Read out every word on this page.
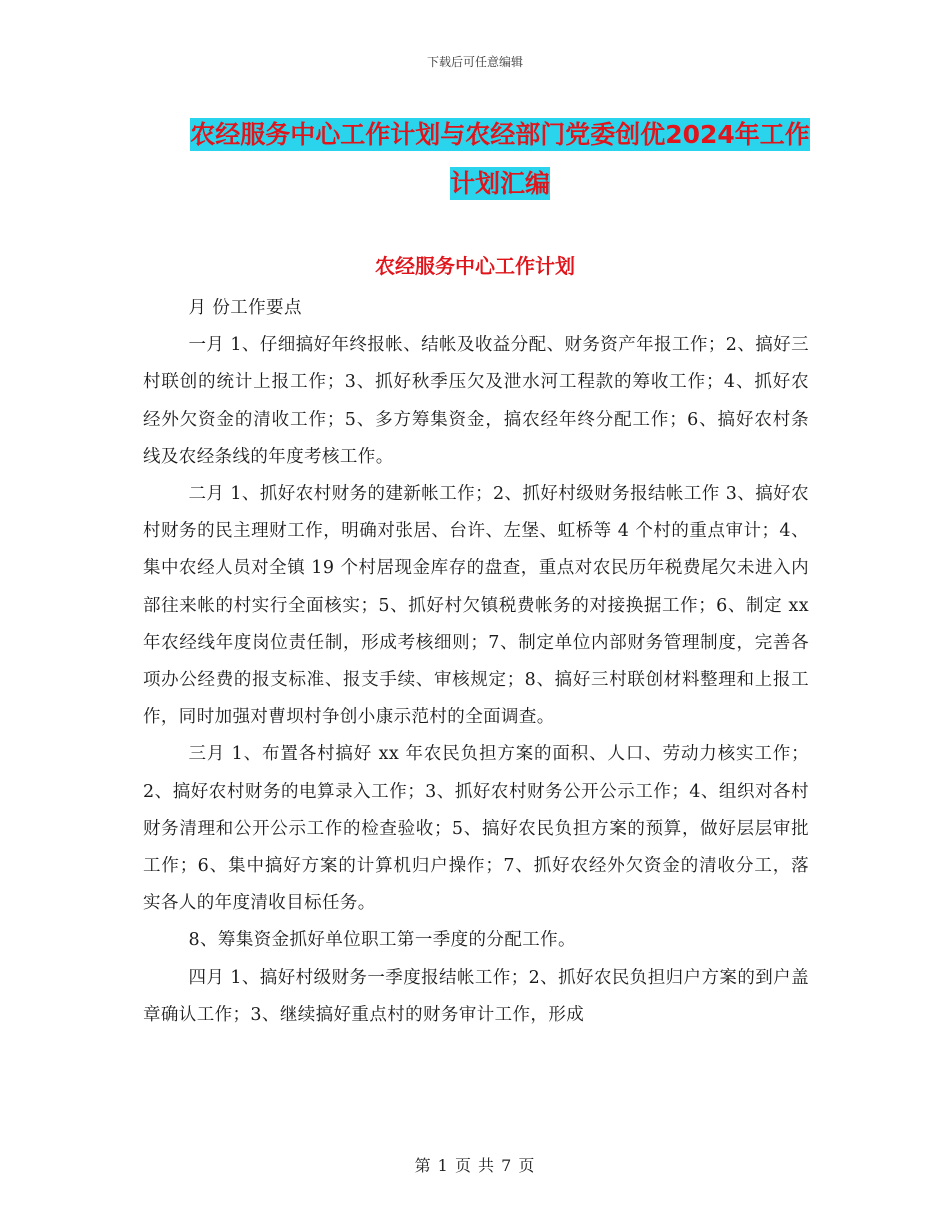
下载后可任意编辑
农经服务中心工作计划与农经部门党委创优2024年工作计划汇编
农经服务中心工作计划

月 份工作要点

一月 1、仔细搞好年终报帐、结帐及收益分配、财务资产年报工作；2、搞好三村联创的统计上报工作；3、抓好秋季压欠及泄水河工程款的筹收工作；4、抓好农经外欠资金的清收工作；5、多方筹集资金，搞农经年终分配工作；6、搞好农村条线及农经条线的年度考核工作。

二月 1、抓好农村财务的建新帐工作；2、抓好村级财务报结帐工作 3、搞好农村财务的民主理财工作，明确对张居、台许、左堡、虹桥等 4 个村的重点审计；4、集中农经人员对全镇 19 个村居现金库存的盘查，重点对农民历年税费尾欠未进入内部往来帐的村实行全面核实；5、抓好村欠镇税费帐务的对接换据工作；6、制定 xx 年农经线年度岗位责任制，形成考核细则；7、制定单位内部财务管理制度，完善各项办公经费的报支标准、报支手续、审核规定；8、搞好三村联创材料整理和上报工作，同时加强对曹坝村争创小康示范村的全面调查。

三月 1、布置各村搞好 xx 年农民负担方案的面积、人口、劳动力核实工作；2、搞好农村财务的电算录入工作；3、抓好农村财务公开公示工作；4、组织对各村财务清理和公开公示工作的检查验收；5、搞好农民负担方案的预算，做好层层审批工作；6、集中搞好方案的计算机归户操作；7、抓好农经外欠资金的清收分工，落实各人的年度清收目标任务。

8、筹集资金抓好单位职工第一季度的分配工作。

四月 1、搞好村级财务一季度报结帐工作；2、抓好农民负担归户方案的到户盖章确认工作；3、继续搞好重点村的财务审计工作，形成

第 1 页 共 7 页
